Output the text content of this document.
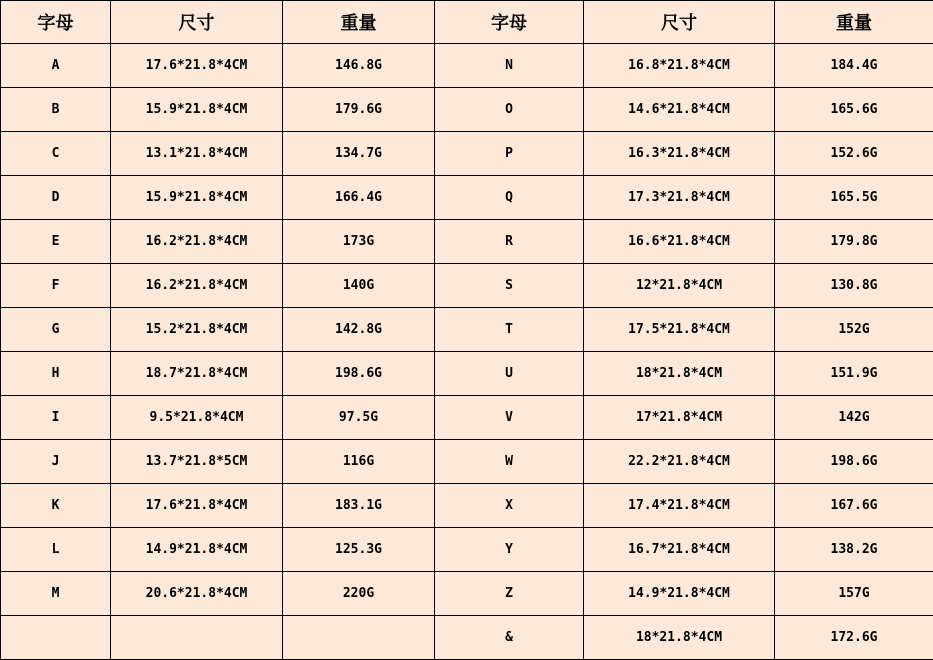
字母	尺寸	重量	字母	尺寸	重量
A	17.6*21.8*4CM	146.8G	N	16.8*21.8*4CM	184.4G
B	15.9*21.8*4CM	179.6G	O	14.6*21.8*4CM	165.6G
C	13.1*21.8*4CM	134.7G	P	16.3*21.8*4CM	152.6G
D	15.9*21.8*4CM	166.4G	Q	17.3*21.8*4CM	165.5G
E	16.2*21.8*4CM	173G	R	16.6*21.8*4CM	179.8G
F	16.2*21.8*4CM	140G	S	12*21.8*4CM	130.8G
G	15.2*21.8*4CM	142.8G	T	17.5*21.8*4CM	152G
H	18.7*21.8*4CM	198.6G	U	18*21.8*4CM	151.9G
I	9.5*21.8*4CM	97.5G	V	17*21.8*4CM	142G
J	13.7*21.8*5CM	116G	W	22.2*21.8*4CM	198.6G
K	17.6*21.8*4CM	183.1G	X	17.4*21.8*4CM	167.6G
L	14.9*21.8*4CM	125.3G	Y	16.7*21.8*4CM	138.2G
M	20.6*21.8*4CM	220G	Z	14.9*21.8*4CM	157G
			&	18*21.8*4CM	172.6G
